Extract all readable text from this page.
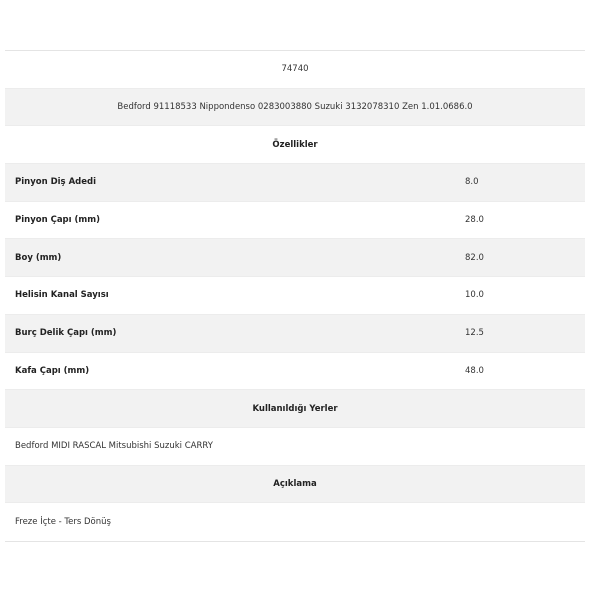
74740
Bedford 91118533 Nippondenso 0283003880 Suzuki 3132078310 Zen 1.01.0686.0
Özellikler
Pinyon Diş Adedi	8.0
Pinyon Çapı (mm)	28.0
Boy (mm)	82.0
Helisin Kanal Sayısı	10.0
Burç Delik Çapı (mm)	12.5
Kafa Çapı (mm)	48.0
Kullanıldığı Yerler
Bedford MIDI RASCAL Mitsubishi Suzuki CARRY
Açıklama
Freze İçte - Ters Dönüş
